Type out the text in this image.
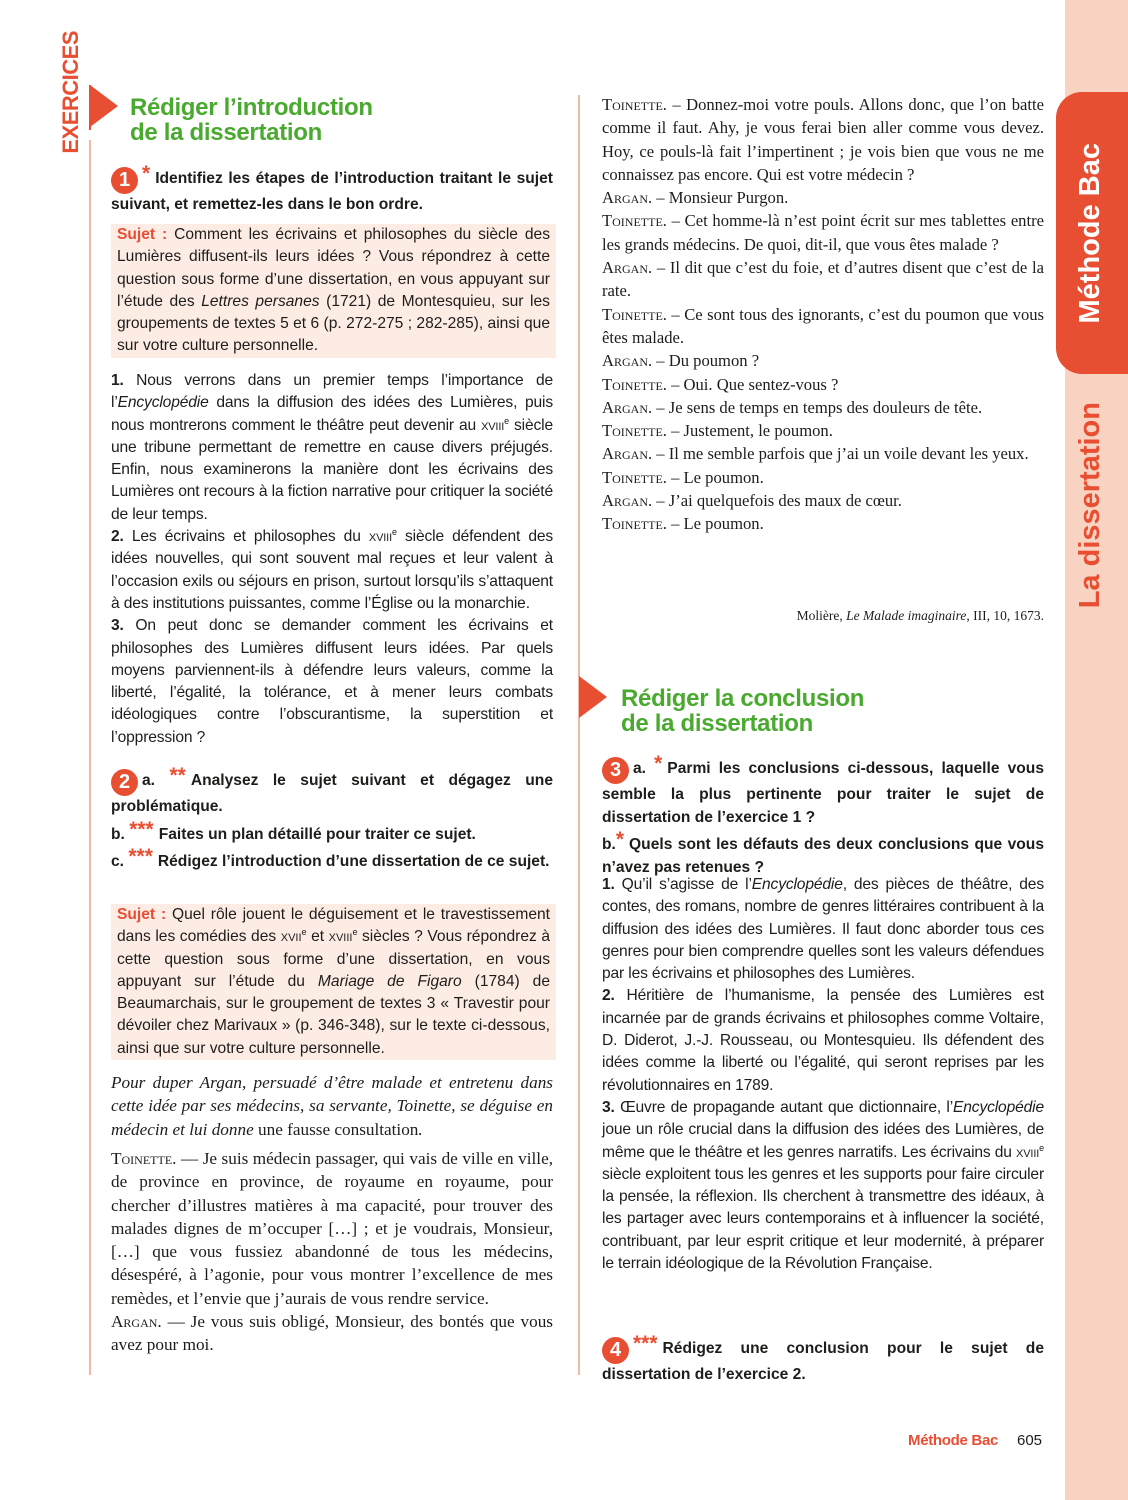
Méthode Bac
La dissertation
EXERCICES Rédiger l’introduction
de la dissertation
1 * Identifiez les étapes de l’introduction traitant le sujet suivant, et remettez-les dans le bon ordre.
Sujet : Comment les écrivains et philosophes du siècle des Lumières diffusent-ils leurs idées ? Vous répondrez à cette question sous forme d’une dissertation, en vous appuyant sur l’étude des Lettres persanes (1721) de Montesquieu, sur les groupements de textes 5 et 6 (p. 272-275 ; 282-285), ainsi que sur votre culture personnelle.

1. Nous verrons dans un premier temps l’importance de l’Encyclopédie dans la diffusion des idées des Lumières, puis nous montrerons comment le théâtre peut devenir au xviii$^e$ siècle une tribune permettant de remettre en cause divers préjugés. Enfin, nous examinerons la manière dont les écrivains des Lumières ont recours à la fiction narrative pour critiquer la société de leur temps.

2. Les écrivains et philosophes du xviii$^e$ siècle défendent des idées nouvelles, qui sont souvent mal reçues et leur valent à l’occasion exils ou séjours en prison, surtout lorsqu’ils s’attaquent à des institutions puissantes, comme l’Église ou la monarchie.

3. On peut donc se demander comment les écrivains et philosophes des Lumières diffusent leurs idées. Par quels moyens parviennent-ils à défendre leurs valeurs, comme la liberté, l’égalité, la tolérance, et à mener leurs combats idéologiques contre l’obscurantisme, la superstition et l’oppression ?

2 a. ** Analysez le sujet suivant et dégagez une problématique.

b. *** Faites un plan détaillé pour traiter ce sujet.

c. *** Rédigez l’introduction d’une dissertation de ce sujet.

Sujet : Quel rôle jouent le déguisement et le travestissement dans les comédies des xvii$^e$ et xviii$^e$ siècles ? Vous répondrez à cette question sous forme d’une dissertation, en vous appuyant sur l’étude du Mariage de Figaro (1784) de Beaumarchais, sur le groupement de textes 3 « Travestir pour dévoiler chez Marivaux » (p. 346-348), sur le texte ci-dessous, ainsi que sur votre culture personnelle.
Pour duper Argan, persuadé d’être malade et entretenu dans cette idée par ses médecins, sa servante, Toinette, se déguise en médecin et lui donne une fausse consultation.

Toinette. — Je suis médecin passager, qui vais de ville en ville, de province en province, de royaume en royaume, pour chercher d’illustres matières à ma capacité, pour trouver des malades dignes de m’occuper […] ; et je voudrais, Monsieur, […] que vous fussiez abandonné de tous les médecins, désespéré, à l’agonie, pour vous montrer l’excellence de mes remèdes, et l’envie que j’aurais de vous rendre service.

Argan. — Je vous suis obligé, Monsieur, des bontés que vous avez pour moi.

Toinette. – Donnez-moi votre pouls. Allons donc, que l’on batte comme il faut. Ahy, je vous ferai bien aller comme vous devez. Hoy, ce pouls-là fait l’impertinent ; je vois bien que vous ne me connaissez pas encore. Qui est votre médecin ?

Argan. – Monsieur Purgon.

Toinette. – Cet homme-là n’est point écrit sur mes tablettes entre les grands médecins. De quoi, dit-il, que vous êtes malade ?

Argan. – Il dit que c’est du foie, et d’autres disent que c’est de la rate.

Toinette. – Ce sont tous des ignorants, c’est du poumon que vous êtes malade.

Argan. – Du poumon ?

Toinette. – Oui. Que sentez-vous ?

Argan. – Je sens de temps en temps des douleurs de tête.

Toinette. – Justement, le poumon.

Argan. – Il me semble parfois que j’ai un voile devant les yeux.

Toinette. – Le poumon.

Argan. – J’ai quelquefois des maux de cœur.

Toinette. – Le poumon.

Molière, Le Malade imaginaire, III, 10, 1673.
Rédiger la conclusion
de la dissertation

3 a. * Parmi les conclusions ci-dessous, laquelle vous semble la plus pertinente pour traiter le sujet de dissertation de l’exercice 1 ?

b.* Quels sont les défauts des deux conclusions que vous n’avez pas retenues ?

1. Qu’il s’agisse de l’Encyclopédie, des pièces de théâtre, des contes, des romans, nombre de genres littéraires contribuent à la diffusion des idées des Lumières. Il faut donc aborder tous ces genres pour bien comprendre quelles sont les valeurs défendues par les écrivains et philosophes des Lumières.

2. Héritière de l’humanisme, la pensée des Lumières est incarnée par de grands écrivains et philosophes comme Voltaire, D. Diderot, J.-J. Rousseau, ou Montesquieu. Ils défendent des idées comme la liberté ou l’égalité, qui seront reprises par les révolutionnaires en 1789.

3. Œuvre de propagande autant que dictionnaire, l’Encyclopédie joue un rôle crucial dans la diffusion des idées des Lumières, de même que le théâtre et les genres narratifs. Les écrivains du xviii$^e$ siècle exploitent tous les genres et les supports pour faire circuler la pensée, la réflexion. Ils cherchent à transmettre des idéaux, à les partager avec leurs contemporains et à influencer la société, contribuant, par leur esprit critique et leur modernité, à préparer le terrain idéologique de la Révolution Française.

4 *** Rédigez une conclusion pour le sujet de dissertation de l’exercice 2.
Méthode Bac 605
